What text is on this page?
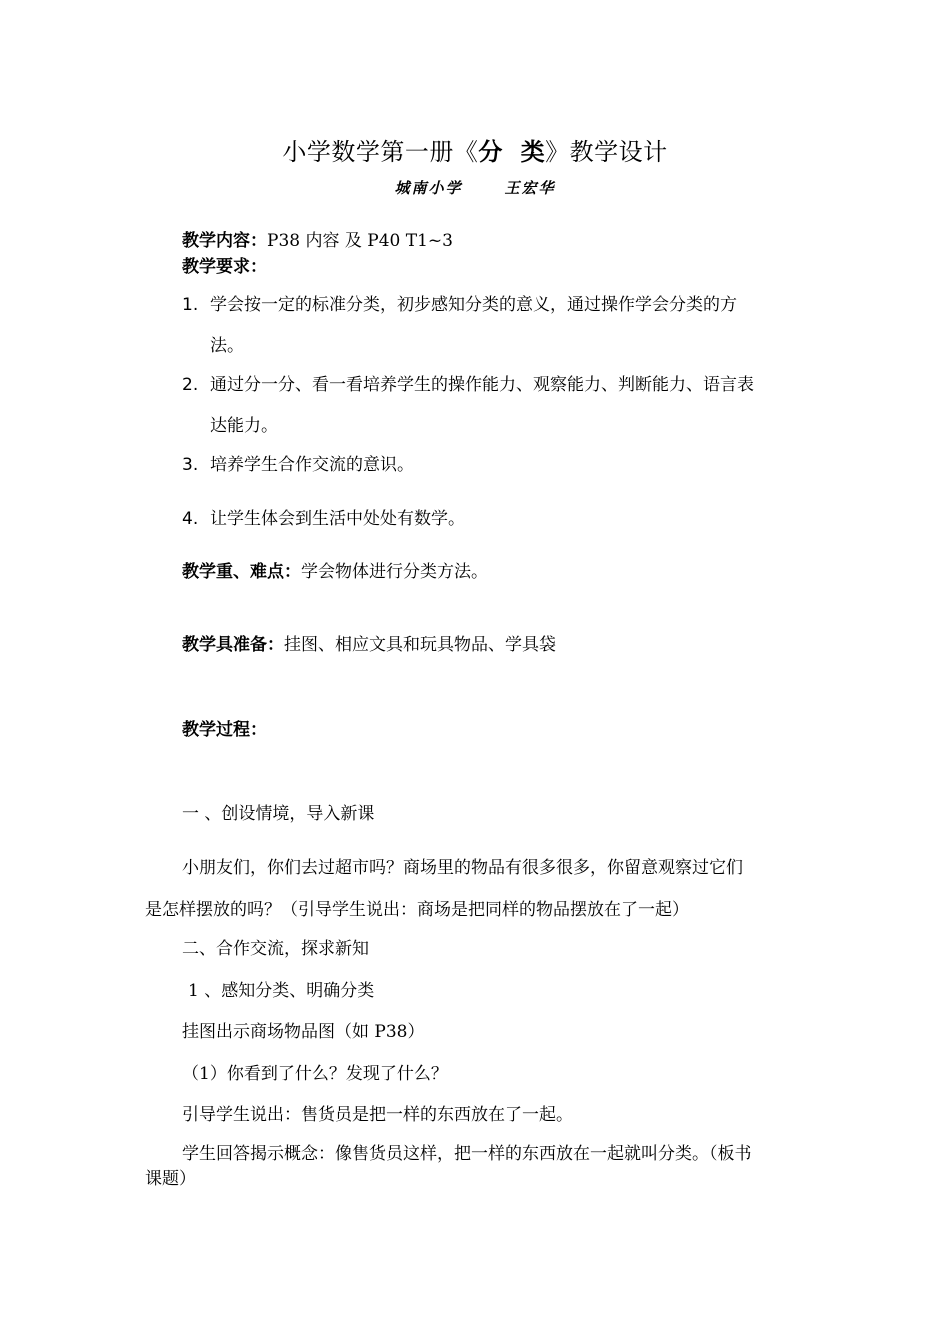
小学数学第一册《分  类》教学设计
城南小学	王宏华
教学内容：P38 内容 及 P40 T1~3
教学要求：
1. 学会按一定的标准分类，初步感知分类的意义，通过操作学会分类的方
法。
2. 通过分一分、看一看培养学生的操作能力、观察能力、判断能力、语言表
达能力。
3. 培养学生合作交流的意识。
4. 让学生体会到生活中处处有数学。
教学重、难点：学会物体进行分类方法。
教学具准备：挂图、相应文具和玩具物品、学具袋
教学过程：
一 、创设情境，导入新课
小朋友们，你们去过超市吗？商场里的物品有很多很多，你留意观察过它们
是怎样摆放的吗？（引导学生说出：商场是把同样的物品摆放在了一起）
二、合作交流，探求新知
1 、感知分类、明确分类
挂图出示商场物品图（如 P38）
（1）你看到了什么？发现了什么？
引导学生说出：售货员是把一样的东西放在了一起。
学生回答揭示概念：像售货员这样，把一样的东西放在一起就叫分类。（板书
课题）
